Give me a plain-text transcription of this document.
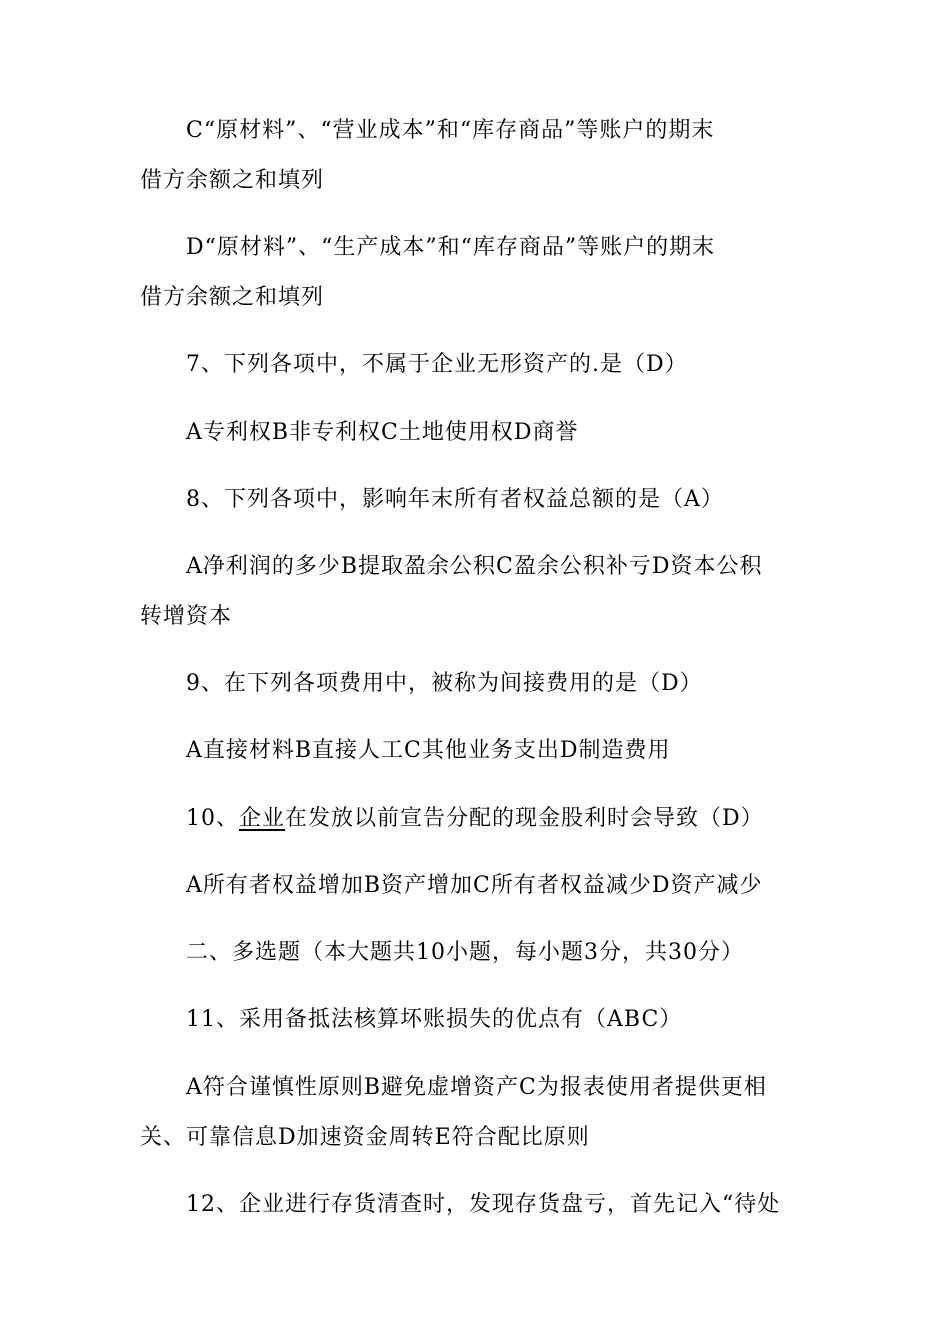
C“原材料”、“营业成本”和“库存商品”等账户的期末
借方余额之和填列
D“原材料”、“生产成本”和“库存商品”等账户的期末
借方余额之和填列
7、下列各项中，不属于企业无形资产的.是（D）
A专利权B非专利权C土地使用权D商誉
8、下列各项中，影响年末所有者权益总额的是（A）
A净利润的多少B提取盈余公积C盈余公积补亏D资本公积
转增资本
9、在下列各项费用中，被称为间接费用的是（D）
A直接材料B直接人工C其他业务支出D制造费用
10、企业在发放以前宣告分配的现金股利时会导致（D）
A所有者权益增加B资产增加C所有者权益减少D资产减少
二、多选题（本大题共10小题，每小题3分，共30分）
11、采用备抵法核算坏账损失的优点有（ABC）
A符合谨慎性原则B避免虚增资产C为报表使用者提供更相
关、可靠信息D加速资金周转E符合配比原则
12、企业进行存货清查时，发现存货盘亏，首先记入“待处
